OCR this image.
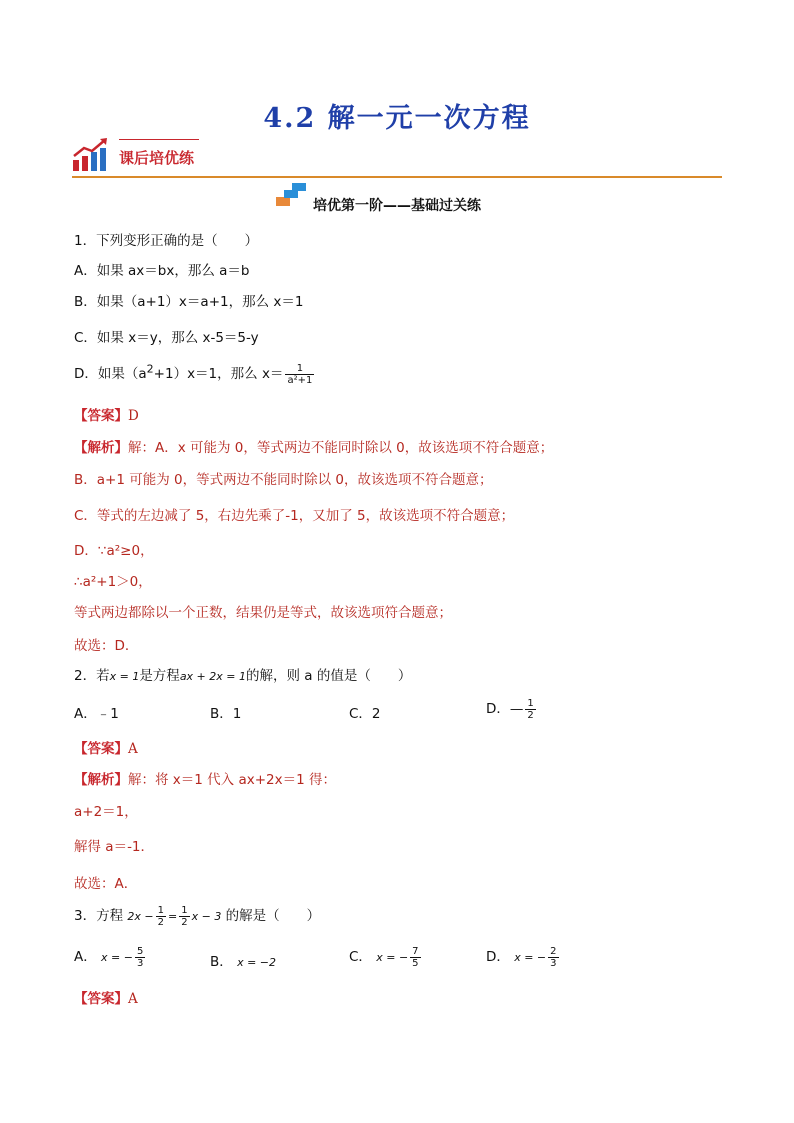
4.2 解一元一次方程
课后培优练
培优第一阶——基础过关练
1．下列变形正确的是（　　）
A．如果 ax＝bx，那么 a＝b
B．如果（a+1）x＝a+1，那么 x＝1
C．如果 x＝y，那么 x-5＝5-y
D．如果$(a^2+1)x=1$，那么 $x= \frac{1}{\text{a²+1}}$
【答案】D
【解析】解：A．x 可能为 0，等式两边不能同时除以 0，故该选项不符合题意；
B．a+1 可能为 0，等式两边不能同时除以 0，故该选项不符合题意；
C．等式的左边减了 5，右边先乘了-1，又加了 5，故该选项不符合题意；
D．∵a²≥0，
∴a²+1＞0，
等式两边都除以一个正数，结果仍是等式，故该选项符合题意；
故选：D．
2．若x = 1是方程ax + 2x = 1的解，则 a 的值是（　　）
A．﹣1	B．1	C．2	D．— $\frac{1}{2}$
【答案】A
【解析】解：将 x＝1 代入 ax+2x＝1 得：
a+2＝1，
解得 a＝-1．
故选：A．
3．方程 $2x - \frac{1}{2} = \frac{1}{2}$ x − 3 的解是（　　）
A． x = − $\frac{5}{3}$	B． x = −2	C． x = − $\frac{7}{5}$	D． x = − $\frac{2}{3}$
【答案】A
